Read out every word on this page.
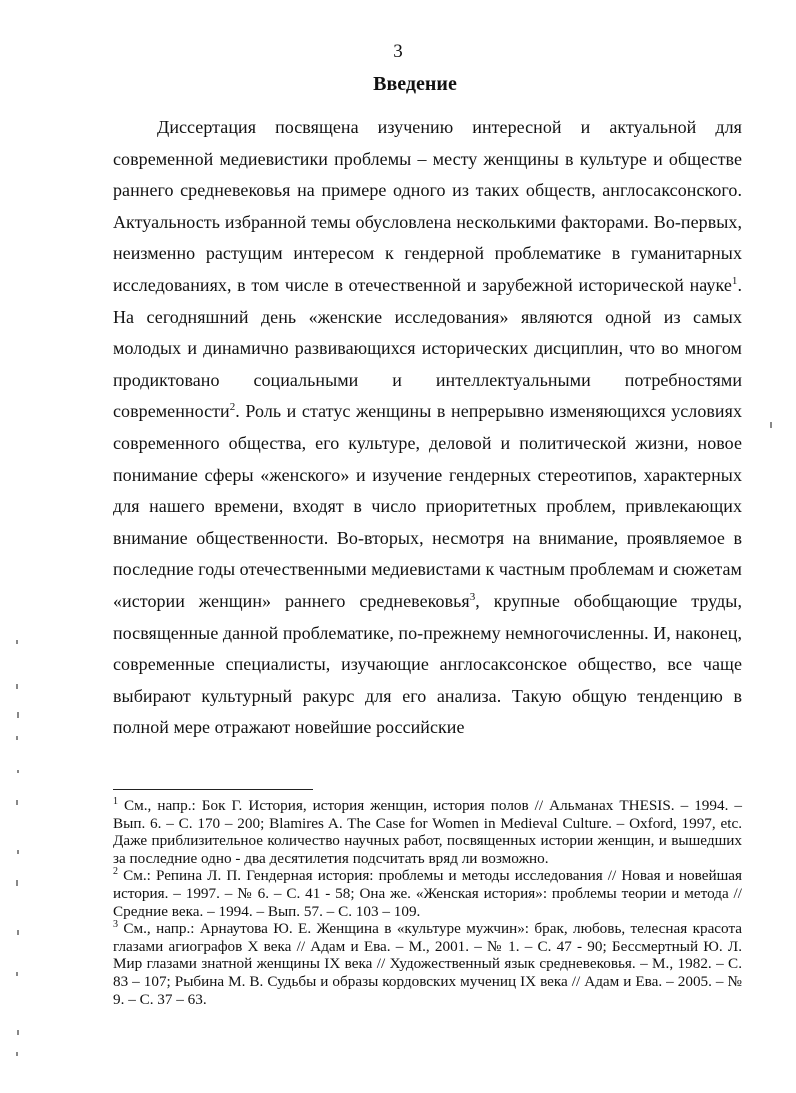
3
Введение

Диссертация посвящена изучению интересной и актуальной для современной медиевистики проблемы – месту женщины в культуре и обществе раннего средневековья на примере одного из таких обществ, англосаксонского. Актуальность избранной темы обусловлена несколькими факторами. Во-первых, неизменно растущим интересом к гендерной проблематике в гуманитарных исследованиях, в том числе в отечественной и зарубежной исторической науке$^1$. На сегодняшний день «женские исследования» являются одной из самых молодых и динамично развивающихся исторических дисциплин, что во многом продиктовано социальными и интеллектуальными потребностями современности$^2$. Роль и статус женщины в непрерывно изменяющихся условиях современного общества, его культуре, деловой и политической жизни, новое понимание сферы «женского» и изучение гендерных стереотипов, характерных для нашего времени, входят в число приоритетных проблем, привлекающих внимание общественности. Во-вторых, несмотря на внимание, проявляемое в последние годы отечественными медиевистами к частным проблемам и сюжетам «истории женщин» раннего средневековья$^3$, крупные обобщающие труды, посвященные данной проблематике, по-прежнему немногочисленны. И, наконец, современные специалисты, изучающие англосаксонское общество, все чаще выбирают культурный ракурс для его анализа. Такую общую тенденцию в полной мере отражают новейшие российские

$^1$ См., напр.: Бок Г. История, история женщин, история полов // Альманах THESIS. – 1994. – Вып. 6. – С. 170 – 200; Blamires A. The Case for Women in Medieval Culture. – Oxford, 1997, etc. Даже приблизительное количество научных работ, посвященных истории женщин, и вышедших за последние одно - два десятилетия подсчитать вряд ли возможно.

$^2$ См.: Репина Л. П. Гендерная история: проблемы и методы исследования // Новая и новейшая история. – 1997. – № 6. – С. 41 - 58; Она же. «Женская история»: проблемы теории и метода // Средние века. – 1994. – Вып. 57. – С. 103 – 109.

$^3$ См., напр.: Арнаутова Ю. Е. Женщина в «культуре мужчин»: брак, любовь, телесная красота глазами агиографов X века // Адам и Ева. – М., 2001. – № 1. – С. 47 - 90; Бессмертный Ю. Л. Мир глазами знатной женщины IX века // Художественный язык средневековья. – М., 1982. – С. 83 – 107; Рыбина М. В. Судьбы и образы кордовских мучениц IX века // Адам и Ева. – 2005. – № 9. – С. 37 – 63.
